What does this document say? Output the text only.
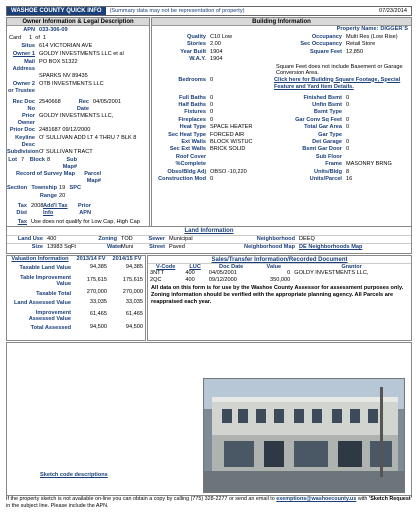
WASHOE COUNTY QUICK INFO	(Summary data may not be representation of property)	07/23/2014
Owner Information & Legal Description
APN 033-306-09
Card	1 of 1
Situs 614 VICTORIAN AVE
Owner 1 GOLDY INVESTMENTS LLC et al
Mail Address
PO BOX 51322
SPARKS NV 89435
Owner 2 or Trustee
OTB INVESTMENTS LLC
Rec Doc No
2540668	Rec Date
04/05/2001
Prior Owner
GOLDY INVESTMENTS LLC,
Prior Doc 2481687 09/12/2000
Keyline Desc
O' SULLIVAN ADD LT 4 THRU 7 BLK 8
Subdivision O' SULLIVAN TRACT
Lot 7	Block 8	Sub Map#
Record of Survey Map	Parcel Map#
Section Township 19 SPC
Range 20
Tax Dist
2008 Add'l Tax Info
Prior APN
Tax Use does not qualify for Low Cap, High Cap
Building Information
Property Name: DIGGER`S
Quality C10 Low	Occupancy Multi Res (Low Rise)
Stories 2.00	Sec Occupancy Retail Store
Year Built 1904	Square Feet 12,850
W.A.Y. 1904
Square Feet does not include Basement or Garage Conversion Area.
Bedrooms 0	Click here for Building Square Footage, Special Feature and Yard Item Details.
Full Baths 0	Finished Bsmt 0
Half Baths 0	Unfin Bsmt 0
Fixtures 0	Bsmt Type
Fireplaces 0	Gar Conv Sq Feet 0
Heat Type SPACE HEATER	Total Gar Area 0
Sec Heat Type FORCED AIR	Gar Type
Ext Walls BLOCK W/STUC	Det Garage 0
Sec Ext Walls BRICK SOLID	Bsmt Gar Door 0
Roof Cover	Sub Floor
%Complete	Frame MASONRY BRNG
Obso/Bldg Adj OBSO -10,220	Units/Bldg 8
Construction Mod 0	Units/Parcel 16
Land Information
Land Use 400	Zoning TOD	Sewer Municipal	Neighborhood DEEQ
Size 13983 SqFt	Water
Muni	Street Paved	Neighborhood Map DE Neighborhoods Map
Valuation Information	2013/14 FV	2014/15 FV
Taxable Land Value	94,385	94,385
Table Improvement Value	175,615	175,615
Taxable Total	270,000	270,000
Land Assessed Value	33,035	33,035
Improvement Assessed Value	61,465	61,465
Total Assessed	94,500	94,500
Sales/Transfer Information/Recorded Document
V-Code	LUC	Doc Date	Value	Grantor
3NTT	400	04/05/2001	0	GOLDY INVESTMENTS LLC,
2QC	400	09/12/2000	350,000	
All data on this form is for use by the Washoe County Assessor for assessment purposes only. Zoning information should be verified with the appropriate planning agency. All Parcels are reappraised each year.
Sketch code descriptions
If the property sketch is not available on-line you can obtain a copy by calling (775) 328-2277 or send an email to exemptions@washoecounty.us with 'Sketch Request' in the subject line. Please include the APN.
